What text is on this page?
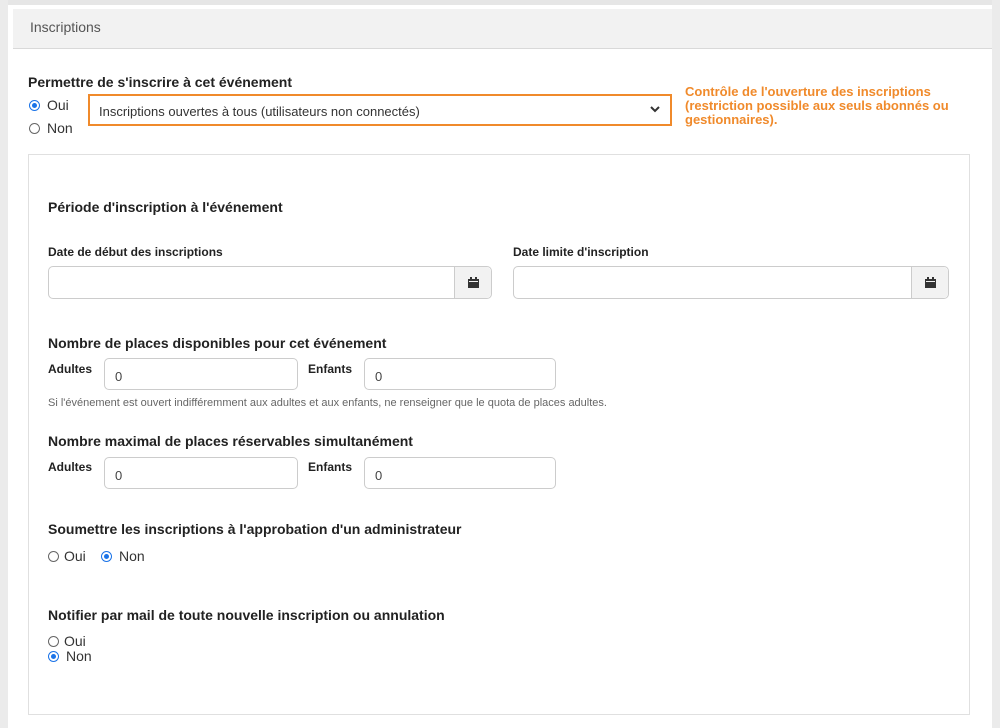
Inscriptions
Permettre de s'inscrire à cet événement
Oui
Non
Inscriptions ouvertes à tous (utilisateurs non connectés)
Contrôle de l'ouverture des inscriptions (restriction possible aux seuls abonnés ou gestionnaires).
Période d'inscription à l'événement
Date de début des inscriptions	Date limite d'inscription
Nombre de places disponibles pour cet événement
Adultes 0	Enfants 0
Si l'événement est ouvert indifféremment aux adultes et aux enfants, ne renseigner que le quota de places adultes.
Nombre maximal de places réservables simultanément
Adultes
0
Enfants
0
Soumettre les inscriptions à l'approbation d'un administrateur
Oui Non
Notifier par mail de toute nouvelle inscription ou annulation
Oui
Non
